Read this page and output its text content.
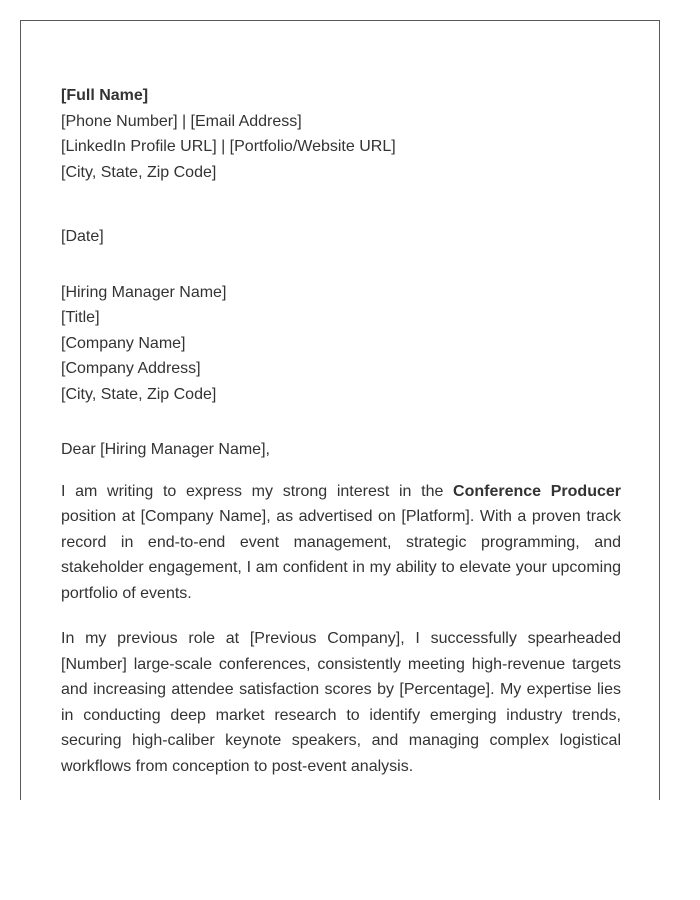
[Full Name]
[Phone Number] | [Email Address]
[LinkedIn Profile URL] | [Portfolio/Website URL]
[City, State, Zip Code]
[Date]
[Hiring Manager Name]
[Title]
[Company Name]
[Company Address]
[City, State, Zip Code]
Dear [Hiring Manager Name],

I am writing to express my strong interest in the Conference Producer position at [Company Name], as advertised on [Platform]. With a proven track record in end-to-end event management, strategic programming, and stakeholder engagement, I am confident in my ability to elevate your upcoming portfolio of events.

In my previous role at [Previous Company], I successfully spearheaded [Number] large-scale conferences, consistently meeting high-revenue targets and increasing attendee satisfaction scores by [Percentage]. My expertise lies in conducting deep market research to identify emerging industry trends, securing high-caliber keynote speakers, and managing complex logistical workflows from conception to post-event analysis.
